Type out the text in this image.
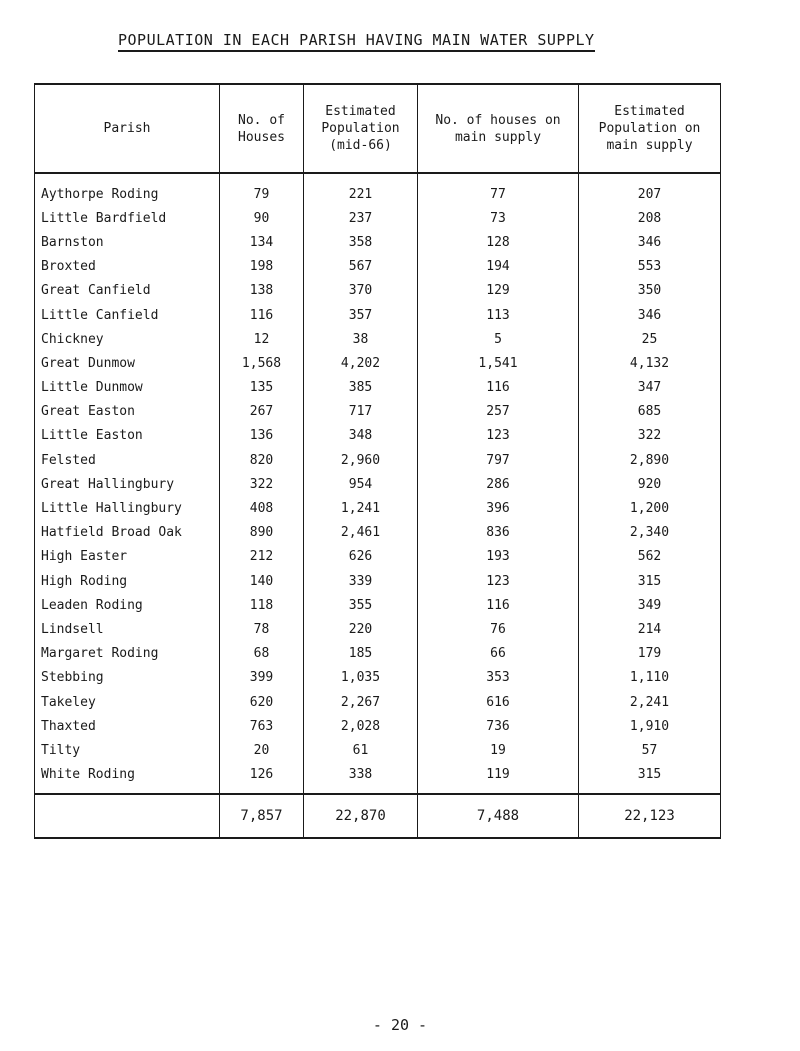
POPULATION IN EACH PARISH HAVING MAIN WATER SUPPLY
Parish	No. of Houses	Estimated Population (mid-66)	No. of houses on main supply	Estimated Population on main supply
Aythorpe Roding	79	221	77	207
Little Bardfield	90	237	73	208
Barnston	134	358	128	346
Broxted	198	567	194	553
Great Canfield	138	370	129	350
Little Canfield	116	357	113	346
Chickney	12	38	5	25
Great Dunmow	1,568	4,202	1,541	4,132
Little Dunmow	135	385	116	347
Great Easton	267	717	257	685
Little Easton	136	348	123	322
Felsted	820	2,960	797	2,890
Great Hallingbury	322	954	286	920
Little Hallingbury	408	1,241	396	1,200
Hatfield Broad Oak	890	2,461	836	2,340
High Easter	212	626	193	562
High Roding	140	339	123	315
Leaden Roding	118	355	116	349
Lindsell	78	220	76	214
Margaret Roding	68	185	66	179
Stebbing	399	1,035	353	1,110
Takeley	620	2,267	616	2,241
Thaxted	763	2,028	736	1,910
Tilty	20	61	19	57
White Roding	126	338	119	315
	7,857	22,870	7,488	22,123
- 20 -
